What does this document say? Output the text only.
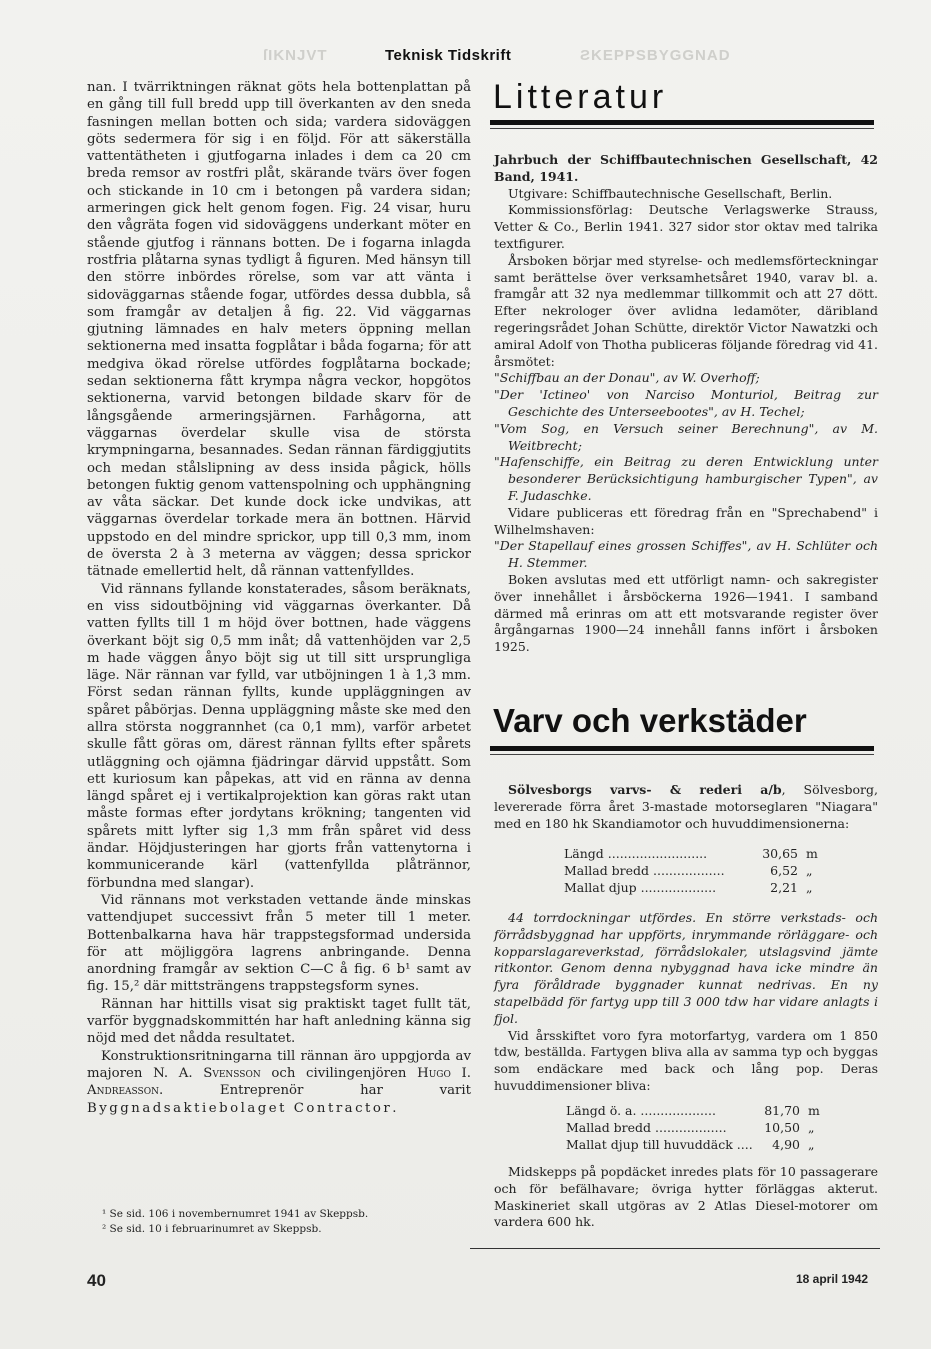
ſIKNJVT	ƧKEPPSBYGGNAD
Teknisk Tidskrift

nan. I tvärriktningen räknat göts hela bottenplattan på en gång till full bredd upp till överkanten av den sneda fasningen mellan botten och sida; vardera sidoväggen göts sedermera för sig i en följd. För att säkerställa vattentätheten i gjutfogarna inlades i dem ca 20 cm breda remsor av rostfri plåt, skärande tvärs över fogen och stickande in 10 cm i betongen på vardera sidan; armeringen gick helt genom fogen. Fig. 24 visar, huru den vågräta fogen vid sidoväggens underkant möter en stående gjutfog i rännans botten. De i fogarna inlagda rostfria plåtarna synas tydligt å figuren. Med hänsyn till den större inbördes rörelse, som var att vänta i sidoväggarnas stående fogar, utfördes dessa dubbla, så som framgår av detaljen å fig. 22. Vid väggarnas gjutning lämnades en halv meters öppning mellan sektionerna med insatta fogplåtar i båda fogarna; för att medgiva ökad rörelse utfördes fogplåtarna bockade; sedan sektionerna fått krympa några veckor, hopgötos sektionerna, varvid betongen bildade skarv för de långsgående armeringsjärnen. Farhågorna, att väggarnas överdelar skulle visa de största krympningarna, besannades. Sedan rännan färdiggjutits och medan stålslipning av dess insida pågick, hölls betongen fuktig genom vattenspolning och upphängning av våta säckar. Det kunde dock icke undvikas, att väggarnas överdelar torkade mera än bottnen. Härvid uppstodo en del mindre sprickor, upp till 0,3 mm, inom de översta 2 à 3 meterna av väggen; dessa sprickor tätnade emellertid helt, då rännan vattenfylldes.

Vid rännans fyllande konstaterades, såsom beräknats, en viss sidoutböjning vid väggarnas överkanter. Då vatten fyllts till 1 m höjd över bottnen, hade väggens överkant böjt sig 0,5 mm inåt; då vattenhöjden var 2,5 m hade väggen ånyo böjt sig ut till sitt ursprungliga läge. När rännan var fylld, var utböjningen 1 à 1,3 mm. Först sedan rännan fyllts, kunde uppläggningen av spåret påbörjas. Denna uppläggning måste ske med den allra största noggrannhet (ca 0,1 mm), varför arbetet skulle fått göras om, därest rännan fyllts efter spårets utläggning och ojämna fjädringar därvid uppstått. Som ett kuriosum kan påpekas, att vid en ränna av denna längd spåret ej i vertikalprojektion kan göras rakt utan måste formas efter jordytans krökning; tangenten vid spårets mitt lyfter sig 1,3 mm från spåret vid dess ändar. Höjdjusteringen har gjorts från vattenytorna i kommunicerande kärl (vattenfyllda plåtrännor, förbundna med slangar).

Vid rännans mot verkstaden vettande ände minskas vattendjupet successivt från 5 meter till 1 meter. Bottenbalkarna hava här trappstegsformad undersida för att möjliggöra lagrens anbringande. Denna anordning framgår av sektion C—C å fig. 6 b¹ samt av fig. 15,² där mittsträngens trappstegsform synes.

Rännan har hittills visat sig praktiskt taget fullt tät, varför byggnadskommittén har haft anledning känna sig nöjd med det nådda resultatet.

Konstruktionsritningarna till rännan äro uppgjorda av majoren N. A. Svensson och civilingenjören Hugo I. Andreasson. Entreprenör har varit Byggnadsaktiebolaget Contractor.

¹ Se sid. 106 i novembernumret 1941 av Skeppsb.
² Se sid. 10 i februarinumret av Skeppsb.
Litteratur

Jahrbuch der Schiffbautechnischen Gesellschaft, 42 Band, 1941.

Utgivare: Schiffbautechnische Gesellschaft, Berlin.

Kommissionsförlag: Deutsche Verlagswerke Strauss, Vetter & Co., Berlin 1941. 327 sidor stor oktav med talrika textfigurer.

Årsboken börjar med styrelse- och medlemsförteckningar samt berättelse över verksamhetsåret 1940, varav bl. a. framgår att 32 nya medlemmar tillkommit och att 27 dött. Efter nekrologer över avlidna ledamöter, däribland regeringsrådet Johan Schütte, direktör Victor Nawatzki och amiral Adolf von Thotha publiceras följande föredrag vid 41. årsmötet:

"Schiffbau an der Donau", av W. Overhoff;

"Der 'Ictineo' von Narciso Monturiol, Beitrag zur Geschichte des Unterseebootes", av H. Techel;

"Vom Sog, en Versuch seiner Berechnung", av M. Weitbrecht;

"Hafenschiffe, ein Beitrag zu deren Entwicklung unter besonderer Berücksichtigung hamburgischer Typen", av F. Judaschke.

Vidare publiceras ett föredrag från en "Sprechabend" i Wilhelmshaven:

"Der Stapellauf eines grossen Schiffes", av H. Schlüter och H. Stemmer.

Boken avslutas med ett utförligt namn- och sakregister över innehållet i årsböckerna 1926—1941. I samband därmed må erinras om att ett motsvarande register över årgångarnas 1900—24 innehåll fanns infört i årsboken 1925.

Varv och verkstäder

Sölvesborgs varvs- & rederi a/b, Sölvesborg, levererade förra året 3-mastade motorseglaren "Niagara" med en 180 hk Skandiamotor och huvuddimensionerna:

Längd .........................	30,65 m
Mallad bredd ..................	6,52 „
Mallat djup ...................	2,21 „

44 torrdockningar utfördes. En större verkstads- och förrådsbyggnad har uppförts, inrymmande rörläggare- och kopparslagareverkstad, förrådslokaler, utslagsvind jämte ritkontor. Genom denna nybyggnad hava icke mindre än fyra föråldrade byggnader kunnat nedrivas. En ny stapelbädd för fartyg upp till 3 000 tdw har vidare anlagts i fjol.

Vid årsskiftet voro fyra motorfartyg, vardera om 1 850 tdw, beställda. Fartygen bliva alla av samma typ och byggas som endäckare med back och lång pop. Deras huvuddimensioner bliva:

Längd ö. a. ...................	81,70 m
Mallad bredd ..................	10,50 „
Mallat djup till huvuddäck ....	4,90 „

Midskepps på popdäcket inredes plats för 10 passagerare och för befälhavare; övriga hytter förläggas akterut. Maskineriet skall utgöras av 2 Atlas Diesel-motorer om vardera 600 hk.

40	18 april 1942
